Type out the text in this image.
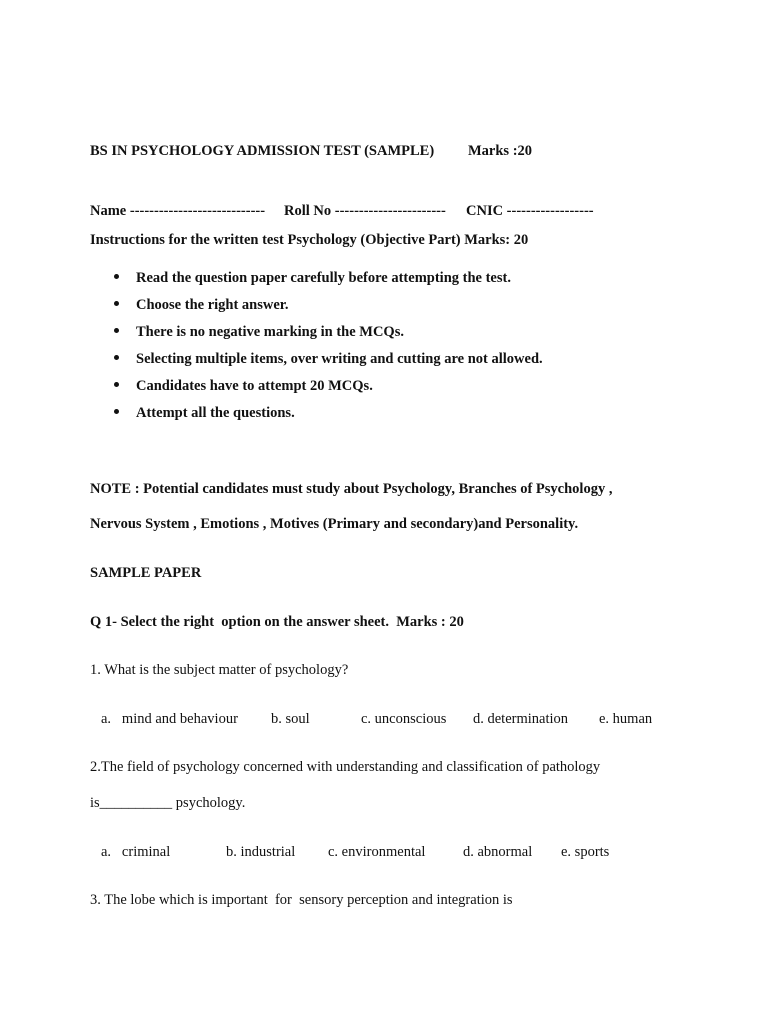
BS IN PSYCHOLOGY ADMISSION TEST (SAMPLE) Marks :20
Name ---------------------------- Roll No ----------------------- CNIC ------------------
Instructions for the written test Psychology (Objective Part) Marks: 20
Read the question paper carefully before attempting the test.
Choose the right answer.
There is no negative marking in the MCQs.
Selecting multiple items, over writing and cutting are not allowed.
Candidates have to attempt 20 MCQs.
Attempt all the questions.
NOTE : Potential candidates must study about Psychology, Branches of Psychology ,
Nervous System , Emotions , Motives (Primary and secondary)and Personality.
SAMPLE PAPER
Q 1- Select the right  option on the answer sheet.  Marks : 20
1. What is the subject matter of psychology?
a.   mind and behaviour b. soul	c. unconscious d. determination e. human
2.The field of psychology concerned with understanding and classification of pathology
is__________ psychology.
a.   criminal	b. industrial c. environmental	d. abnormal e. sports
3. The lobe which is important  for  sensory perception and integration is
